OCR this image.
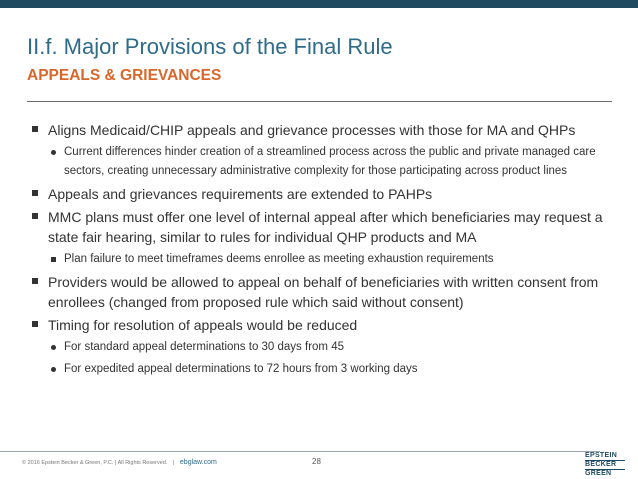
II.f. Major Provisions of the Final Rule
APPEALS & GRIEVANCES
Aligns Medicaid/CHIP appeals and grievance processes with those for MA and QHPs
Current differences hinder creation of a streamlined process across the public and private managed care sectors, creating unnecessary administrative complexity for those participating across product lines
Appeals and grievances requirements are extended to PAHPs
MMC plans must offer one level of internal appeal after which beneficiaries may request a state fair hearing, similar to rules for individual QHP products and MA
Plan failure to meet timeframes deems enrollee as meeting exhaustion requirements
Providers would be allowed to appeal on behalf of beneficiaries with written consent from enrollees (changed from proposed rule which said without consent)
Timing for resolution of appeals would be reduced
For standard appeal determinations to 30 days from 45
For expedited appeal determinations to 72 hours from 3 working days
© 2016 Epstein Becker & Green, P.C. | All Rights Reserved. | ebglaw.com	28
EPSTEIN
BECKER
GREEN
